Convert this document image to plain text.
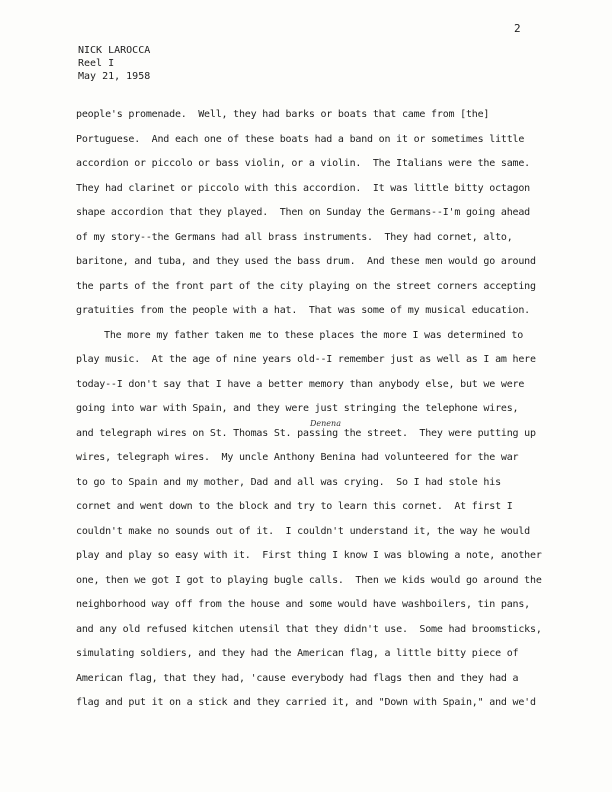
2
NICK LAROCCA
Reel I
May 21, 1958
Denena
people's promenade.  Well, they had barks or boats that came from [the]
Portuguese.  And each one of these boats had a band on it or sometimes little
accordion or piccolo or bass violin, or a violin.  The Italians were the same.
They had clarinet or piccolo with this accordion.  It was little bitty octagon
shape accordion that they played.  Then on Sunday the Germans--I'm going ahead
of my story--the Germans had all brass instruments.  They had cornet, alto,
baritone, and tuba, and they used the bass drum.  And these men would go around
the parts of the front part of the city playing on the street corners accepting
gratuities from the people with a hat.  That was some of my musical education.
The more my father taken me to these places the more I was determined to
play music.  At the age of nine years old--I remember just as well as I am here
today--I don't say that I have a better memory than anybody else, but we were
going into war with Spain, and they were just stringing the telephone wires,
and telegraph wires on St. Thomas St. passing the street.  They were putting up
wires, telegraph wires.  My uncle Anthony Benina had volunteered for the war
to go to Spain and my mother, Dad and all was crying.  So I had stole his
cornet and went down to the block and try to learn this cornet.  At first I
couldn't make no sounds out of it.  I couldn't understand it, the way he would
play and play so easy with it.  First thing I know I was blowing a note, another
one, then we got I got to playing bugle calls.  Then we kids would go around the
neighborhood way off from the house and some would have washboilers, tin pans,
and any old refused kitchen utensil that they didn't use.  Some had broomsticks,
simulating soldiers, and they had the American flag, a little bitty piece of
American flag, that they had, 'cause everybody had flags then and they had a
flag and put it on a stick and they carried it, and "Down with Spain," and we'd
